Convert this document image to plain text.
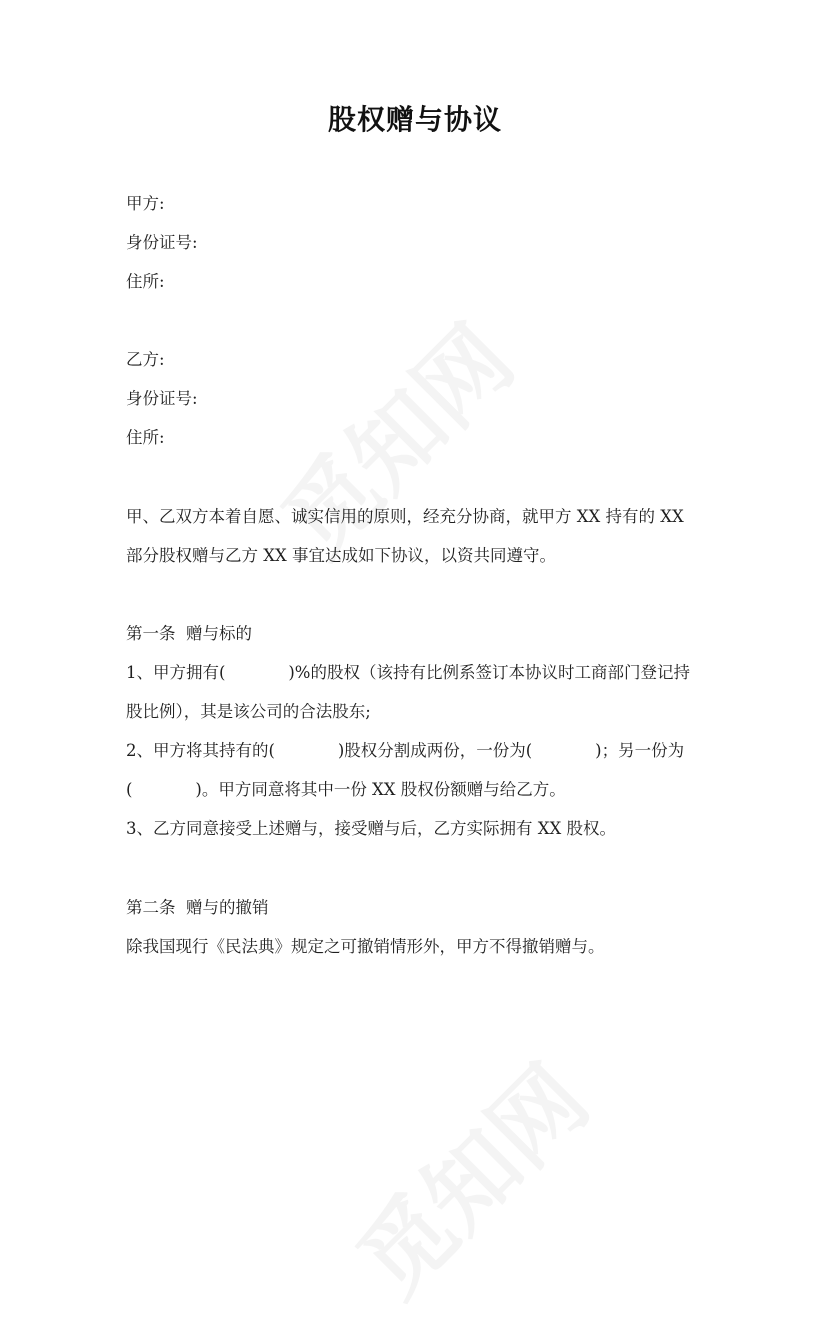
股权赠与协议
甲方:
身份证号:
住所:
乙方:
身份证号:
住所:
甲、乙双方本着自愿、诚实信用的原则，经充分协商，就甲方 XX 持有的 XX
部分股权赠与乙方 XX 事宜达成如下协议，以资共同遵守。
第一条  赠与标的
1、甲方拥有(            )%的股权（该持有比例系签订本协议时工商部门登记持
股比例），其是该公司的合法股东;
2、甲方将其持有的(            )股权分割成两份，一份为(            )；另一份为
(            )。甲方同意将其中一份 XX 股权份额赠与给乙方。
3、乙方同意接受上述赠与，接受赠与后，乙方实际拥有 XX 股权。
第二条  赠与的撤销
除我国现行《民法典》规定之可撤销情形外，甲方不得撤销赠与。
